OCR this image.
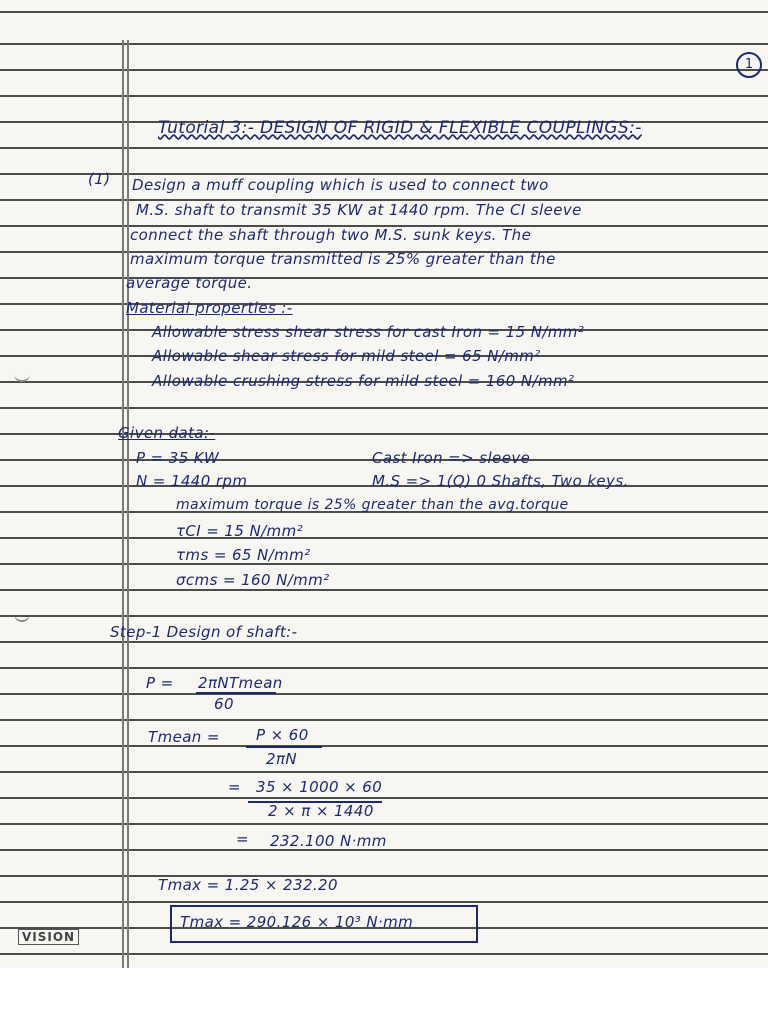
1
Tutorial 3:- DESIGN OF RIGID & FLEXIBLE COUPLINGS:-
(1) Design a muff coupling which is used to connect two
M.S. shaft to transmit 35 KW at 1440 rpm. The CI sleeve
connect the shaft through two M.S. sunk keys. The
maximum torque transmitted is 25% greater than the
average torque.
Material properties :-
Allowable stress shear stress for cast Iron = 15 N/mm²
Allowable shear stress for mild steel = 65 N/mm²
Allowable crushing stress for mild steel = 160 N/mm²
Given data:-
P = 35 KW	Cast Iron => sleeve
N = 1440 rpm	M.S => 1(Q) 0 Shafts, Two keys.
maximum torque is 25% greater than the avg.torque
τCI = 15 N/mm²
τms = 65 N/mm²
σcms = 160 N/mm²
Step-1 Design of shaft:-
P = 2πNTmean
60
Tmean = P × 60
2πN
= 35 × 1000 × 60
2 × π × 1440
= 232.100 N·mm
Tmax = 1.25 × 232.20
Tmax = 290.126 × 10³ N·mm
VISION
